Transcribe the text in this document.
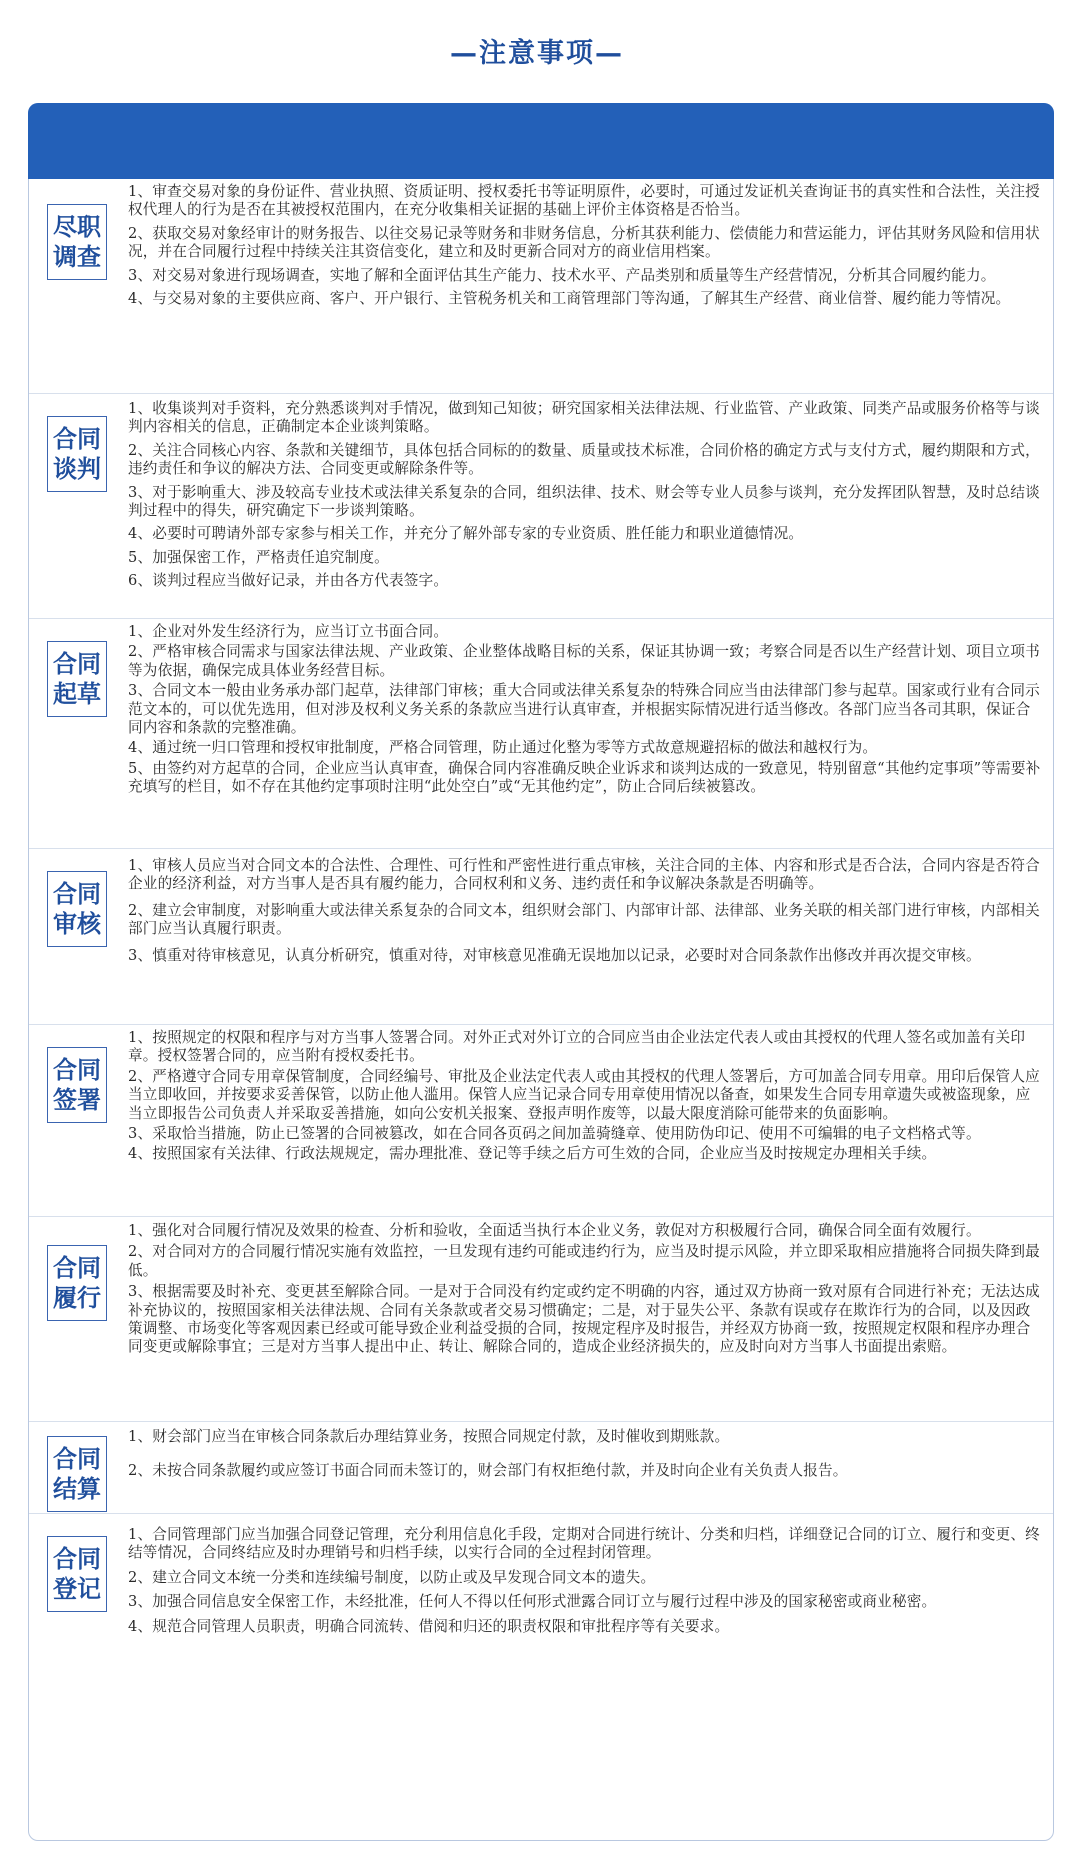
—注意事项—
尽职
调查

1、审查交易对象的身份证件、营业执照、资质证明、授权委托书等证明原件，必要时，可通过发证机关查询证书的真实性和合法性，关注授权代理人的行为是否在其被授权范围内，在充分收集相关证据的基础上评价主体资格是否恰当。

2、获取交易对象经审计的财务报告、以往交易记录等财务和非财务信息，分析其获利能力、偿债能力和营运能力，评估其财务风险和信用状况，并在合同履行过程中持续关注其资信变化，建立和及时更新合同对方的商业信用档案。

3、对交易对象进行现场调查，实地了解和全面评估其生产能力、技术水平、产品类别和质量等生产经营情况，分析其合同履约能力。

4、与交易对象的主要供应商、客户、开户银行、主管税务机关和工商管理部门等沟通，了解其生产经营、商业信誉、履约能力等情况。

合同
谈判

1、收集谈判对手资料，充分熟悉谈判对手情况，做到知己知彼；研究国家相关法律法规、行业监管、产业政策、同类产品或服务价格等与谈判内容相关的信息，正确制定本企业谈判策略。

2、关注合同核心内容、条款和关键细节，具体包括合同标的的数量、质量或技术标准，合同价格的确定方式与支付方式，履约期限和方式，违约责任和争议的解决方法、合同变更或解除条件等。

3、对于影响重大、涉及较高专业技术或法律关系复杂的合同，组织法律、技术、财会等专业人员参与谈判，充分发挥团队智慧，及时总结谈判过程中的得失，研究确定下一步谈判策略。

4、必要时可聘请外部专家参与相关工作，并充分了解外部专家的专业资质、胜任能力和职业道德情况。

5、加强保密工作，严格责任追究制度。

6、谈判过程应当做好记录，并由各方代表签字。

合同
起草

1、企业对外发生经济行为，应当订立书面合同。

2、严格审核合同需求与国家法律法规、产业政策、企业整体战略目标的关系，保证其协调一致；考察合同是否以生产经营计划、项目立项书等为依据，确保完成具体业务经营目标。

3、合同文本一般由业务承办部门起草，法律部门审核；重大合同或法律关系复杂的特殊合同应当由法律部门参与起草。国家或行业有合同示范文本的，可以优先选用，但对涉及权利义务关系的条款应当进行认真审查，并根据实际情况进行适当修改。各部门应当各司其职，保证合同内容和条款的完整准确。

4、通过统一归口管理和授权审批制度，严格合同管理，防止通过化整为零等方式故意规避招标的做法和越权行为。

5、由签约对方起草的合同，企业应当认真审查，确保合同内容准确反映企业诉求和谈判达成的一致意见，特别留意“其他约定事项”等需要补充填写的栏目，如不存在其他约定事项时注明“此处空白”或“无其他约定”，防止合同后续被篡改。

合同
审核

1、审核人员应当对合同文本的合法性、合理性、可行性和严密性进行重点审核，关注合同的主体、内容和形式是否合法，合同内容是否符合企业的经济利益，对方当事人是否具有履约能力，合同权利和义务、违约责任和争议解决条款是否明确等。

2、建立会审制度，对影响重大或法律关系复杂的合同文本，组织财会部门、内部审计部、法律部、业务关联的相关部门进行审核，内部相关部门应当认真履行职责。

3、慎重对待审核意见，认真分析研究，慎重对待，对审核意见准确无误地加以记录，必要时对合同条款作出修改并再次提交审核。

合同
签署

1、按照规定的权限和程序与对方当事人签署合同。对外正式对外订立的合同应当由企业法定代表人或由其授权的代理人签名或加盖有关印章。授权签署合同的，应当附有授权委托书。

2、严格遵守合同专用章保管制度，合同经编号、审批及企业法定代表人或由其授权的代理人签署后，方可加盖合同专用章。用印后保管人应当立即收回，并按要求妥善保管，以防止他人滥用。保管人应当记录合同专用章使用情况以备查，如果发生合同专用章遗失或被盗现象，应当立即报告公司负责人并采取妥善措施，如向公安机关报案、登报声明作废等，以最大限度消除可能带来的负面影响。

3、采取恰当措施，防止已签署的合同被篡改，如在合同各页码之间加盖骑缝章、使用防伪印记、使用不可编辑的电子文档格式等。

4、按照国家有关法律、行政法规规定，需办理批准、登记等手续之后方可生效的合同，企业应当及时按规定办理相关手续。

合同
履行

1、强化对合同履行情况及效果的检查、分析和验收，全面适当执行本企业义务，敦促对方积极履行合同，确保合同全面有效履行。

2、对合同对方的合同履行情况实施有效监控，一旦发现有违约可能或违约行为，应当及时提示风险，并立即采取相应措施将合同损失降到最低。

3、根据需要及时补充、变更甚至解除合同。一是对于合同没有约定或约定不明确的内容，通过双方协商一致对原有合同进行补充；无法达成补充协议的，按照国家相关法律法规、合同有关条款或者交易习惯确定；二是，对于显失公平、条款有误或存在欺诈行为的合同，以及因政策调整、市场变化等客观因素已经或可能导致企业利益受损的合同，按规定程序及时报告，并经双方协商一致，按照规定权限和程序办理合同变更或解除事宜；三是对方当事人提出中止、转让、解除合同的，造成企业经济损失的，应及时向对方当事人书面提出索赔。

合同
结算

1、财会部门应当在审核合同条款后办理结算业务，按照合同规定付款，及时催收到期账款。

2、未按合同条款履约或应签订书面合同而未签订的，财会部门有权拒绝付款，并及时向企业有关负责人报告。

合同
登记

1、合同管理部门应当加强合同登记管理，充分利用信息化手段，定期对合同进行统计、分类和归档，详细登记合同的订立、履行和变更、终结等情况，合同终结应及时办理销号和归档手续，以实行合同的全过程封闭管理。

2、建立合同文本统一分类和连续编号制度，以防止或及早发现合同文本的遗失。

3、加强合同信息安全保密工作，未经批准，任何人不得以任何形式泄露合同订立与履行过程中涉及的国家秘密或商业秘密。

4、规范合同管理人员职责，明确合同流转、借阅和归还的职责权限和审批程序等有关要求。
